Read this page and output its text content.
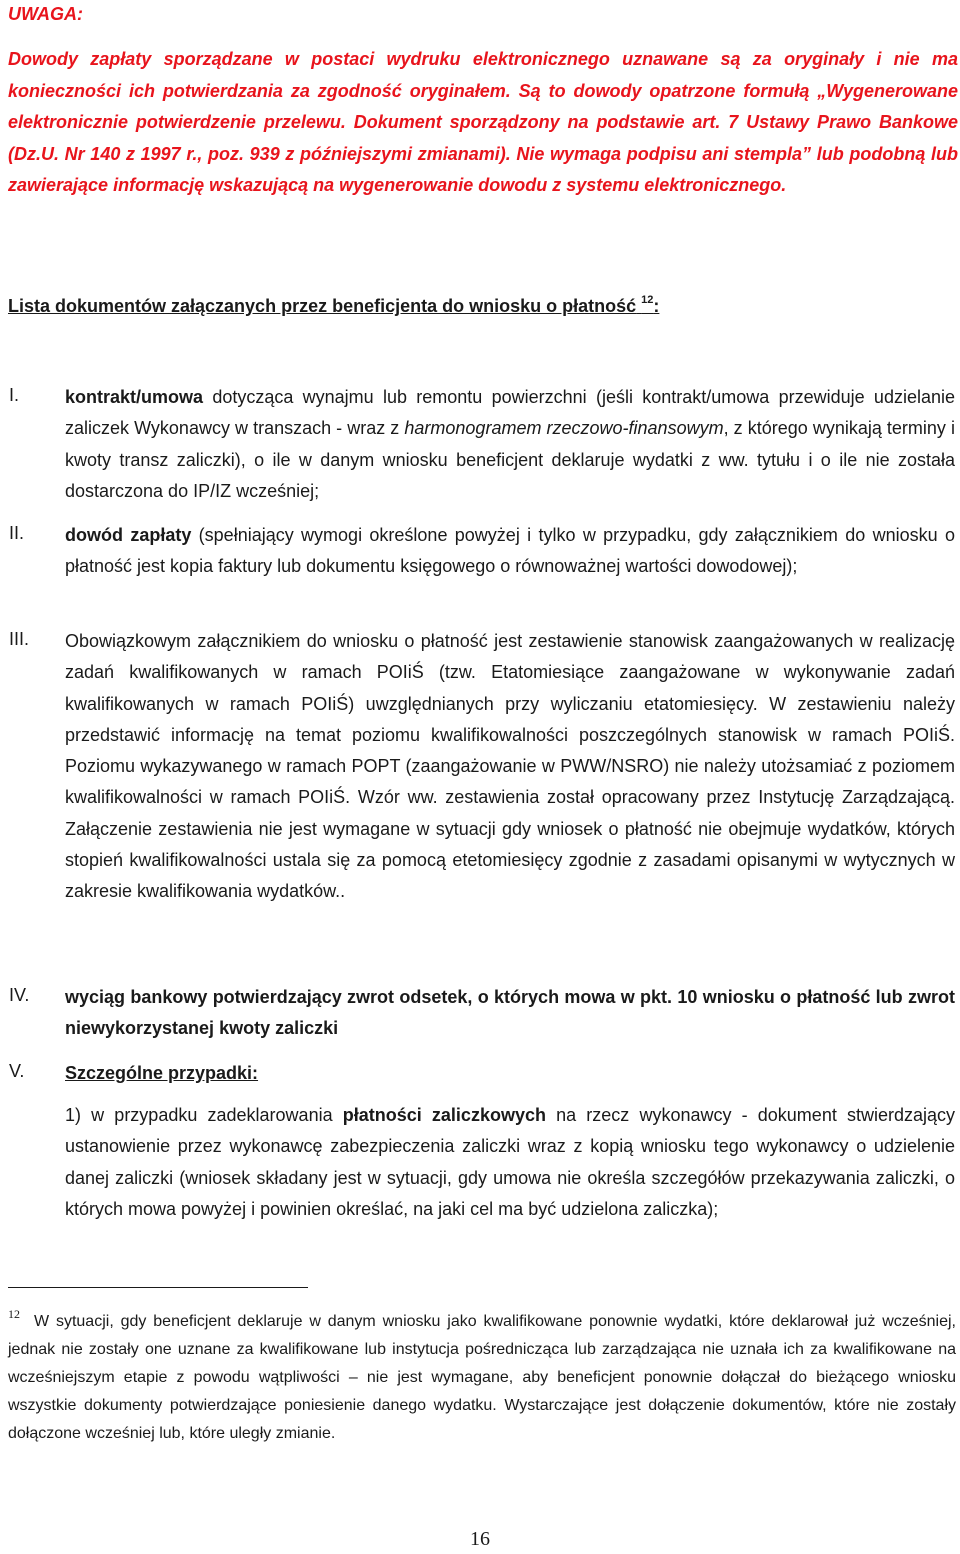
UWAGA:
Dowody zapłaty sporządzane w postaci wydruku elektronicznego uznawane są za oryginały i nie ma konieczności ich potwierdzania za zgodność oryginałem. Są to dowody opatrzone formułą „Wygenerowane elektronicznie potwierdzenie przelewu. Dokument sporządzony na podstawie art. 7 Ustawy Prawo Bankowe (Dz.U. Nr 140 z 1997 r., poz. 939 z późniejszymi zmianami). Nie wymaga podpisu ani stempla” lub podobną lub zawierające informację wskazującą na wygenerowanie dowodu z systemu elektronicznego.
Lista dokumentów załączanych przez beneficjenta do wniosku o płatność $^{12}$:
I.	kontrakt/umowa dotycząca wynajmu lub remontu powierzchni (jeśli kontrakt/umowa przewiduje udzielanie zaliczek Wykonawcy w transzach - wraz z harmonogramem rzeczowo-finansowym, z którego wynikają terminy i kwoty transz zaliczki), o ile w danym wniosku beneficjent deklaruje wydatki z ww. tytułu i o ile nie została dostarczona do IP/IZ wcześniej;
II. dowód zapłaty (spełniający wymogi określone powyżej i tylko w przypadku, gdy załącznikiem do wniosku o płatność jest kopia faktury lub dokumentu księgowego o równoważnej wartości dowodowej);
III. Obowiązkowym załącznikiem do wniosku o płatność jest zestawienie stanowisk zaangażowanych w realizację zadań kwalifikowanych w ramach POIiŚ (tzw. Etatomiesiące zaangażowane w wykonywanie zadań kwalifikowanych w ramach POIiŚ) uwzględnianych przy wyliczaniu etatomiesięcy. W zestawieniu należy przedstawić informację na temat poziomu kwalifikowalności poszczególnych stanowisk w ramach POIiŚ. Poziomu wykazywanego w ramach POPT (zaangażowanie w PWW/NSRO) nie należy utożsamiać z poziomem kwalifikowalności w ramach POIiŚ. Wzór ww. zestawienia został opracowany przez Instytucję Zarządzającą. Załączenie zestawienia nie jest wymagane w sytuacji gdy wniosek o płatność nie obejmuje wydatków, których stopień kwalifikowalności ustala się za pomocą etetomiesięcy zgodnie z zasadami opisanymi w wytycznych w zakresie kwalifikowania wydatków..
IV. wyciąg bankowy potwierdzający zwrot odsetek, o których mowa w pkt. 10 wniosku o płatność lub zwrot niewykorzystanej kwoty zaliczki
V. Szczególne przypadki:
1) w przypadku zadeklarowania płatności zaliczkowych na rzecz wykonawcy - dokument stwierdzający ustanowienie przez wykonawcę zabezpieczenia zaliczki wraz z kopią wniosku tego wykonawcy o udzielenie danej zaliczki (wniosek składany jest w sytuacji, gdy umowa nie określa szczegółów przekazywania zaliczki, o których mowa powyżej i powinien określać, na jaki cel ma być udzielona zaliczka);
$^{12}$ W sytuacji, gdy beneficjent deklaruje w danym wniosku jako kwalifikowane ponownie wydatki, które deklarował już wcześniej, jednak nie zostały one uznane za kwalifikowane lub instytucja pośrednicząca lub zarządzająca nie uznała ich za kwalifikowane na wcześniejszym etapie z powodu wątpliwości – nie jest wymagane, aby beneficjent ponownie dołączał do bieżącego wniosku wszystkie dokumenty potwierdzające poniesienie danego wydatku. Wystarczające jest dołączenie dokumentów, które nie zostały dołączone wcześniej lub, które uległy zmianie.
16
